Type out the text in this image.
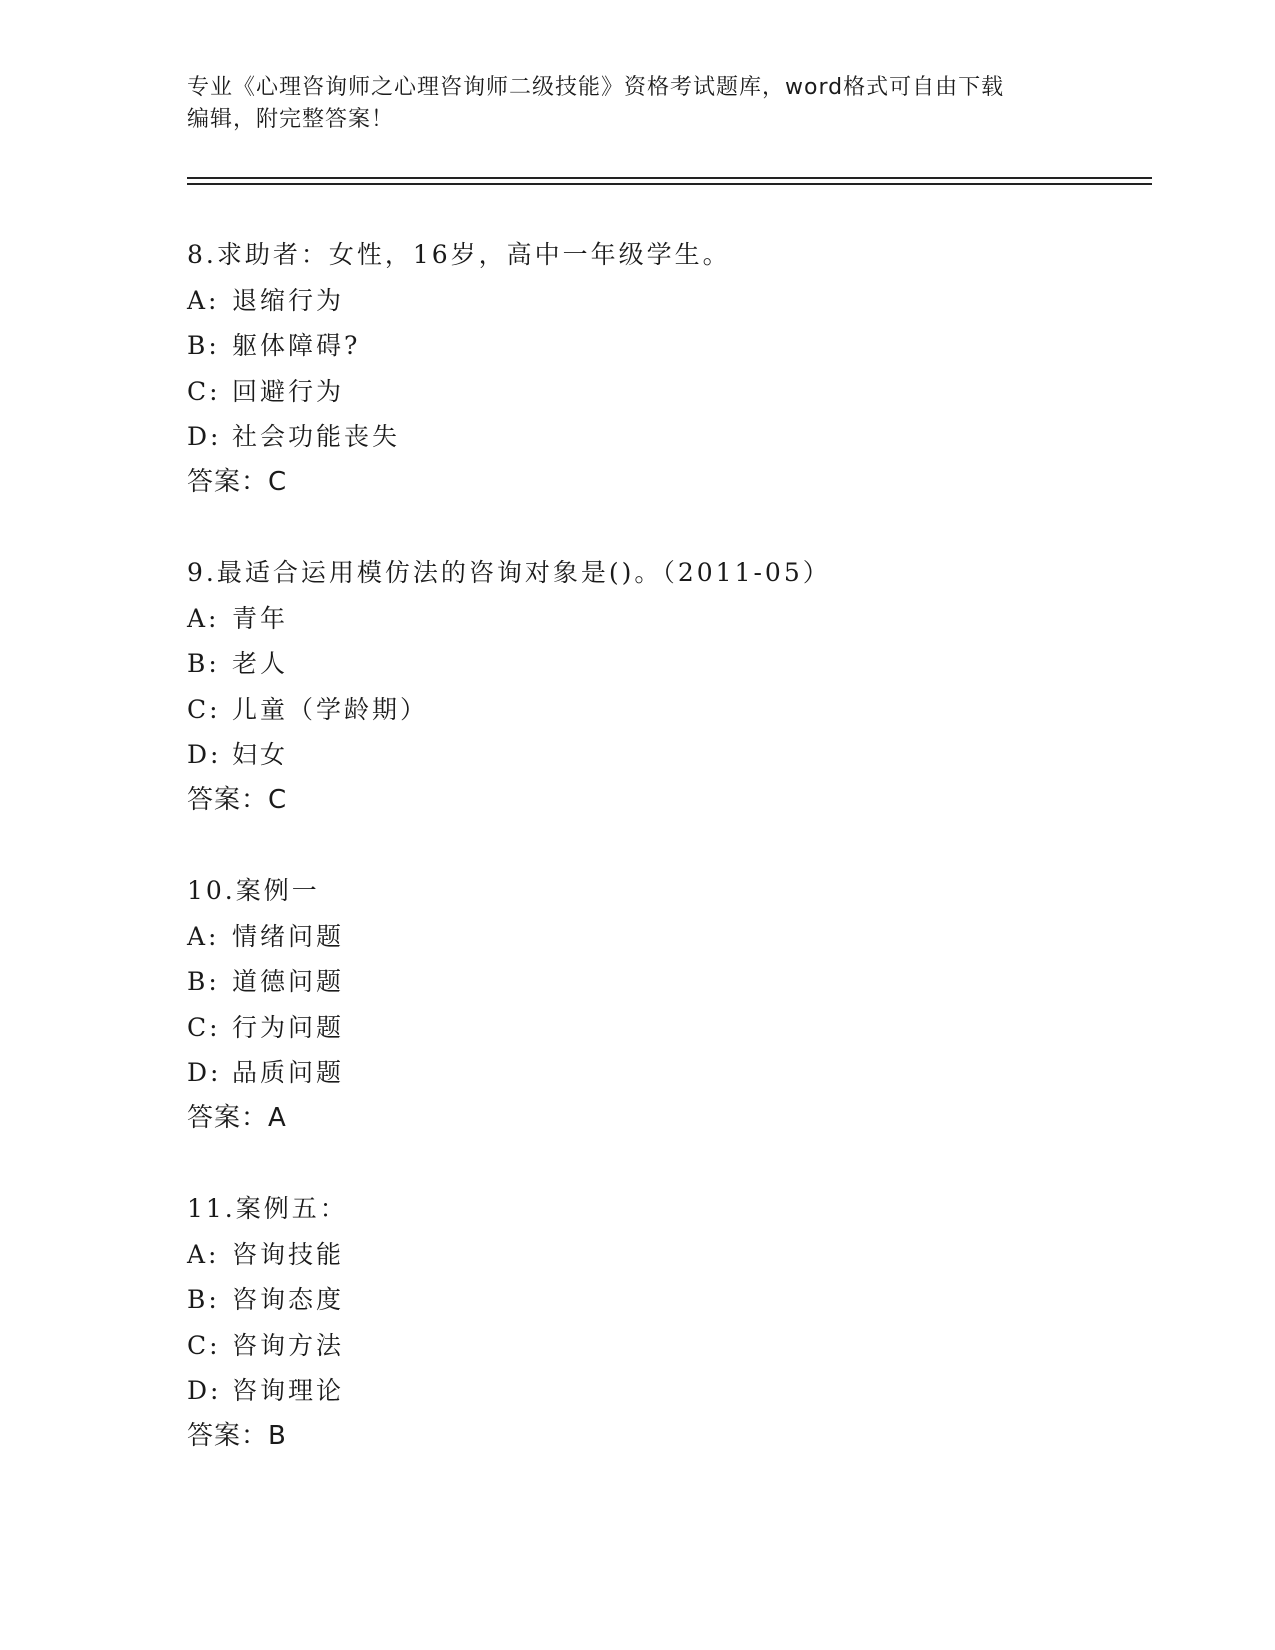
专业《心理咨询师之心理咨询师二级技能》资格考试题库，word格式可自由下载

编辑，附完整答案！

8.求助者：女性，16岁，高中一年级学生。
A: 退缩行为
B: 躯体障碍?
C: 回避行为
D: 社会功能丧失
答案：C
9.最适合运用模仿法的咨询对象是()。（2011-05）
A: 青年
B: 老人
C: 儿童（学龄期）
D: 妇女
答案：C
10.案例一
A: 情绪问题
B: 道德问题
C: 行为问题
D: 品质问题
答案：A
11.案例五：
A: 咨询技能
B: 咨询态度
C: 咨询方法
D: 咨询理论
答案：B
